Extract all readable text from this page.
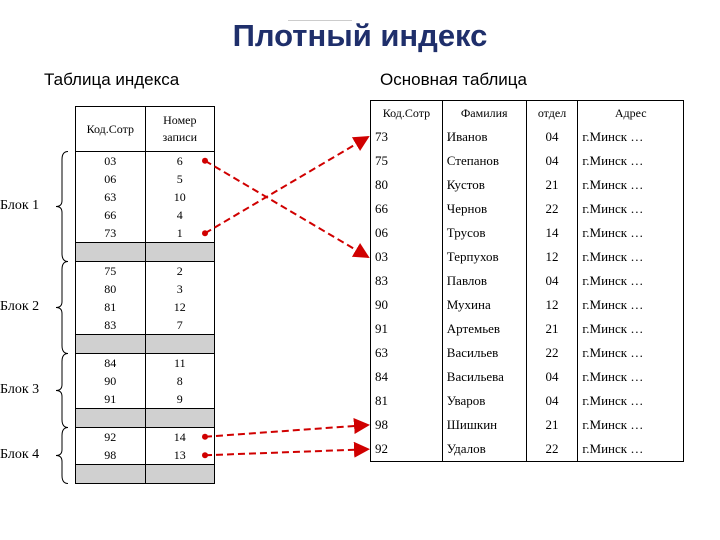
Плотный индекс
Таблица индекса	Основная таблица
Код.Сотр	Номер записи
03	6
06	5
63	10
66	4
73	1

75	2
80	3
81	12
83	7

84	11
90	8
91	9

92	14
98	13

Код.Сотр	Фамилия	отдел	Адрес
73	Иванов	04	г.Минск …
75	Степанов	04	г.Минск …
80	Кустов	21	г.Минск …
66	Чернов	22	г.Минск …
06	Трусов	14	г.Минск …
03	Терпухов	12	г.Минск …
83	Павлов	04	г.Минск …
90	Мухина	12	г.Минск …
91	Артемьев	21	г.Минск …
63	Васильев	22	г.Минск …
84	Васильева	04	г.Минск …
81	Уваров	04	г.Минск …
98	Шишкин	21	г.Минск …
92	Удалов	22	г.Минск …
Блок 1
Блок 2
Блок 3
Блок 4
